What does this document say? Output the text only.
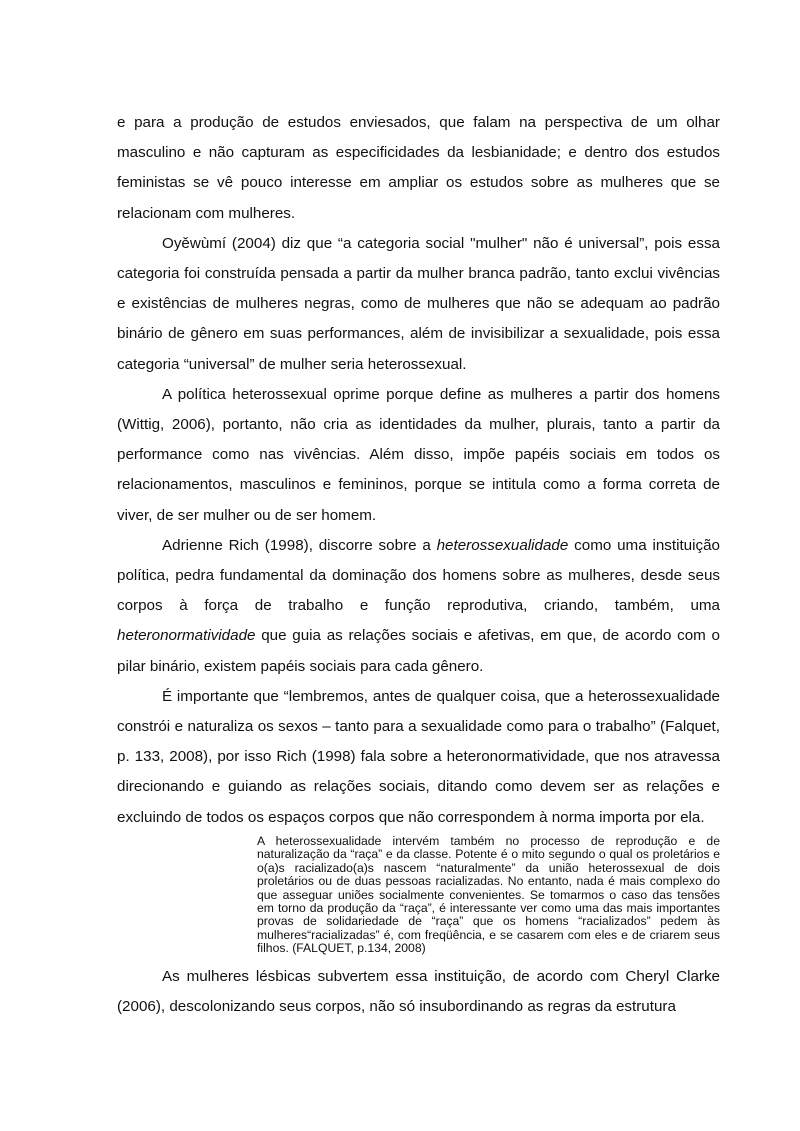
e para a produção de estudos enviesados, que falam na perspectiva de um olhar masculino e não capturam as especificidades da lesbianidade; e dentro dos estudos feministas se vê pouco interesse em ampliar os estudos sobre as mulheres que se relacionam com mulheres.

Oyěwùmí (2004) diz que “a categoria social "mulher" não é universal”, pois essa categoria foi construída pensada a partir da mulher branca padrão, tanto exclui vivências e existências de mulheres negras, como de mulheres que não se adequam ao padrão binário de gênero em suas performances, além de invisibilizar a sexualidade, pois essa categoria “universal” de mulher seria heterossexual.

A política heterossexual oprime porque define as mulheres a partir dos homens (Wittig, 2006), portanto, não cria as identidades da mulher, plurais, tanto a partir da performance como nas vivências. Além disso, impõe papéis sociais em todos os relacionamentos, masculinos e femininos, porque se intitula como a forma correta de viver, de ser mulher ou de ser homem.

Adrienne Rich (1998), discorre sobre a heterossexualidade como uma instituição política, pedra fundamental da dominação dos homens sobre as mulheres, desde seus corpos à força de trabalho e função reprodutiva, criando, também, uma heteronormatividade que guia as relações sociais e afetivas, em que, de acordo com o pilar binário, existem papéis sociais para cada gênero.

É importante que “lembremos, antes de qualquer coisa, que a heterossexualidade constrói e naturaliza os sexos – tanto para a sexualidade como para o trabalho” (Falquet, p. 133, 2008), por isso Rich (1998) fala sobre a heteronormatividade, que nos atravessa direcionando e guiando as relações sociais, ditando como devem ser as relações e excluindo de todos os espaços corpos que não correspondem à norma importa por ela.

A heterossexualidade intervém também no processo de reprodução e de naturalização da “raça” e da classe. Potente é o mito segundo o qual os proletários e o(a)s racializado(a)s nascem “naturalmente” da união heterossexual de dois proletários ou de duas pessoas racializadas. No entanto, nada é mais complexo do que asseguar uniões socialmente convenientes. Se tomarmos o caso das tensões em torno da produção da “raça”, é interessante ver como uma das mais importantes provas de solidariedade de “raça” que os homens “racializados” pedem às mulheres“racializadas” é, com freqüência, e se casarem com eles e de criarem seus filhos. (FALQUET, p.134, 2008)

As mulheres lésbicas subvertem essa instituição, de acordo com Cheryl Clarke (2006), descolonizando seus corpos, não só insubordinando as regras da estrutura
